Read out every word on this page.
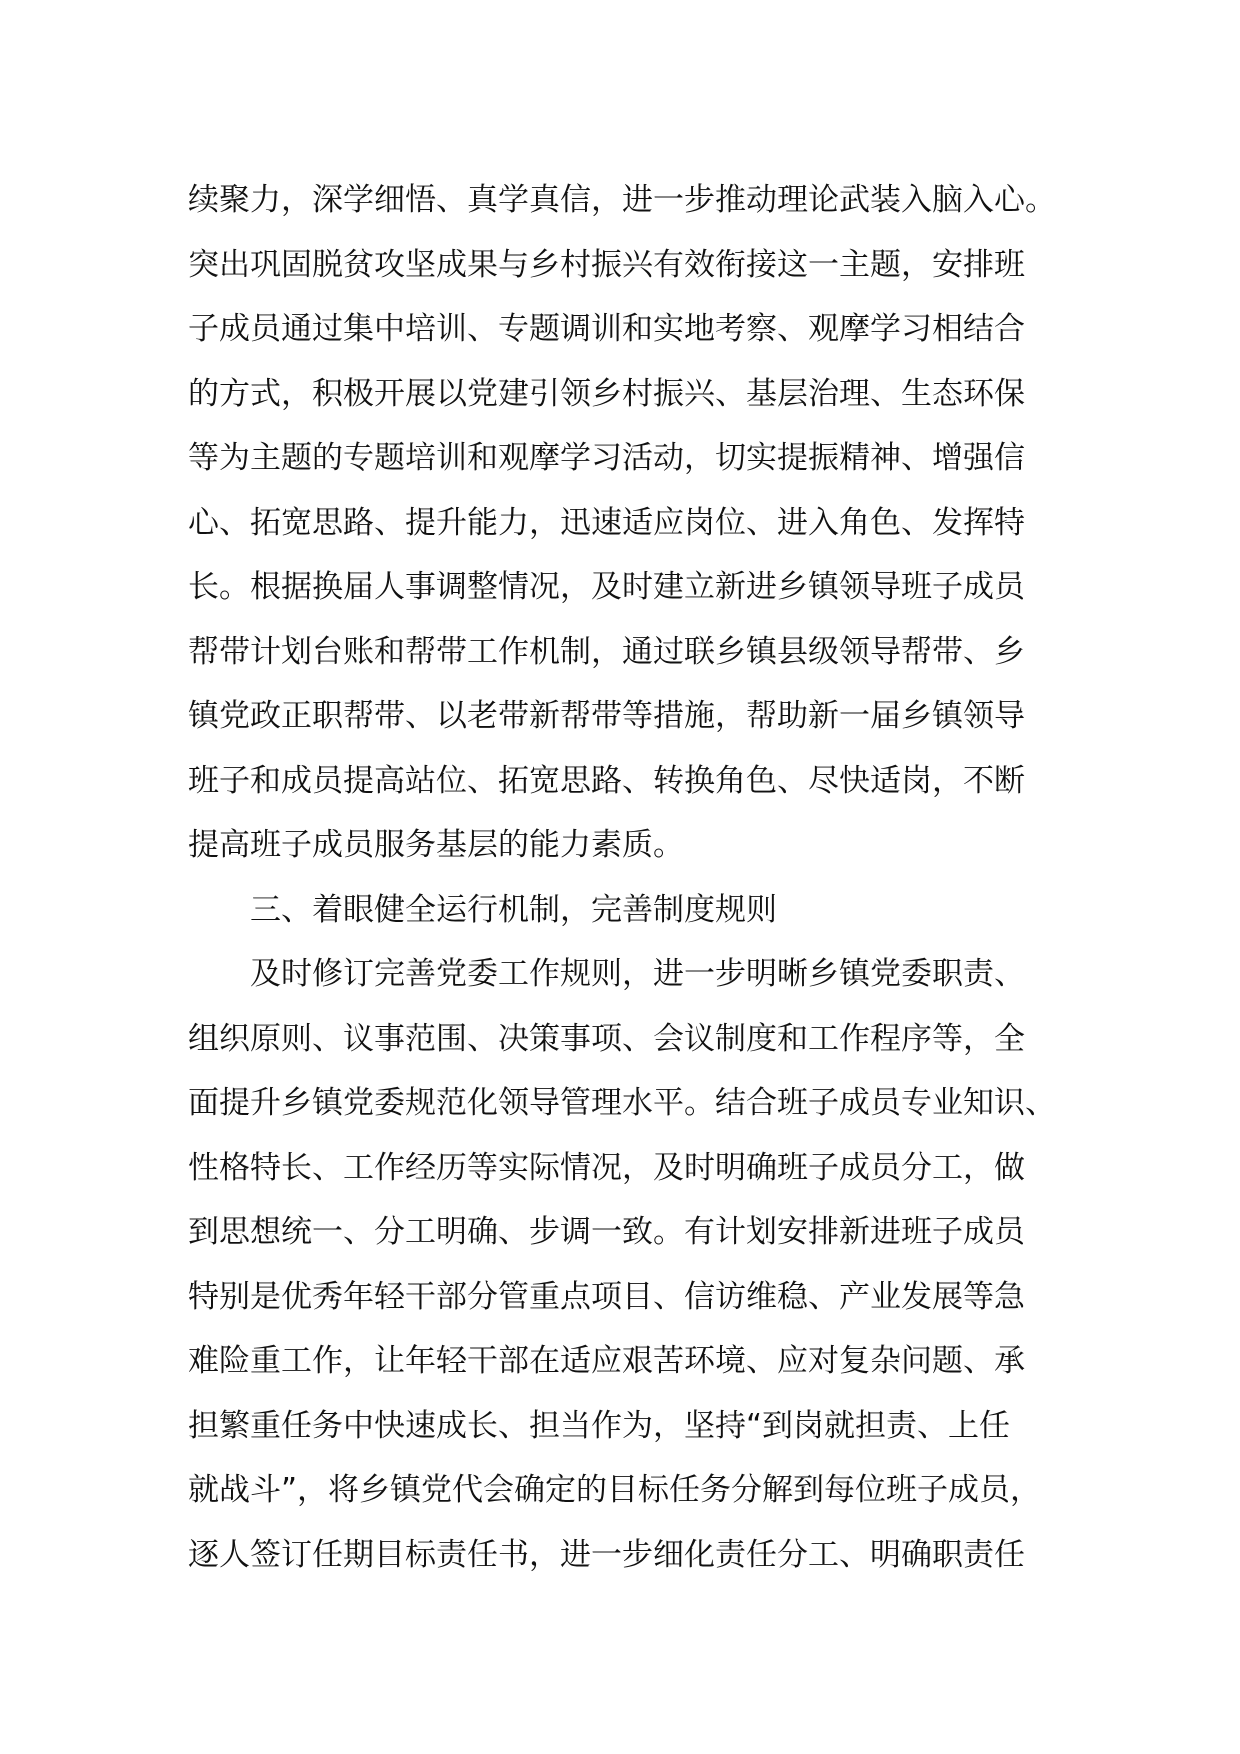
续聚力，深学细悟、真学真信，进一步推动理论武装入脑入心。
突出巩固脱贫攻坚成果与乡村振兴有效衔接这一主题，安排班
子成员通过集中培训、专题调训和实地考察、观摩学习相结合
的方式，积极开展以党建引领乡村振兴、基层治理、生态环保
等为主题的专题培训和观摩学习活动，切实提振精神、增强信
心、拓宽思路、提升能力，迅速适应岗位、进入角色、发挥特
长。根据换届人事调整情况，及时建立新进乡镇领导班子成员
帮带计划台账和帮带工作机制，通过联乡镇县级领导帮带、乡
镇党政正职帮带、以老带新帮带等措施，帮助新一届乡镇领导
班子和成员提高站位、拓宽思路、转换角色、尽快适岗，不断
提高班子成员服务基层的能力素质。
三、着眼健全运行机制，完善制度规则
及时修订完善党委工作规则，进一步明晰乡镇党委职责、
组织原则、议事范围、决策事项、会议制度和工作程序等，全
面提升乡镇党委规范化领导管理水平。结合班子成员专业知识、
性格特长、工作经历等实际情况，及时明确班子成员分工，做
到思想统一、分工明确、步调一致。有计划安排新进班子成员
特别是优秀年轻干部分管重点项目、信访维稳、产业发展等急
难险重工作，让年轻干部在适应艰苦环境、应对复杂问题、承
担繁重任务中快速成长、担当作为，坚持“到岗就担责、上任
就战斗”，将乡镇党代会确定的目标任务分解到每位班子成员，
逐人签订任期目标责任书，进一步细化责任分工、明确职责任
